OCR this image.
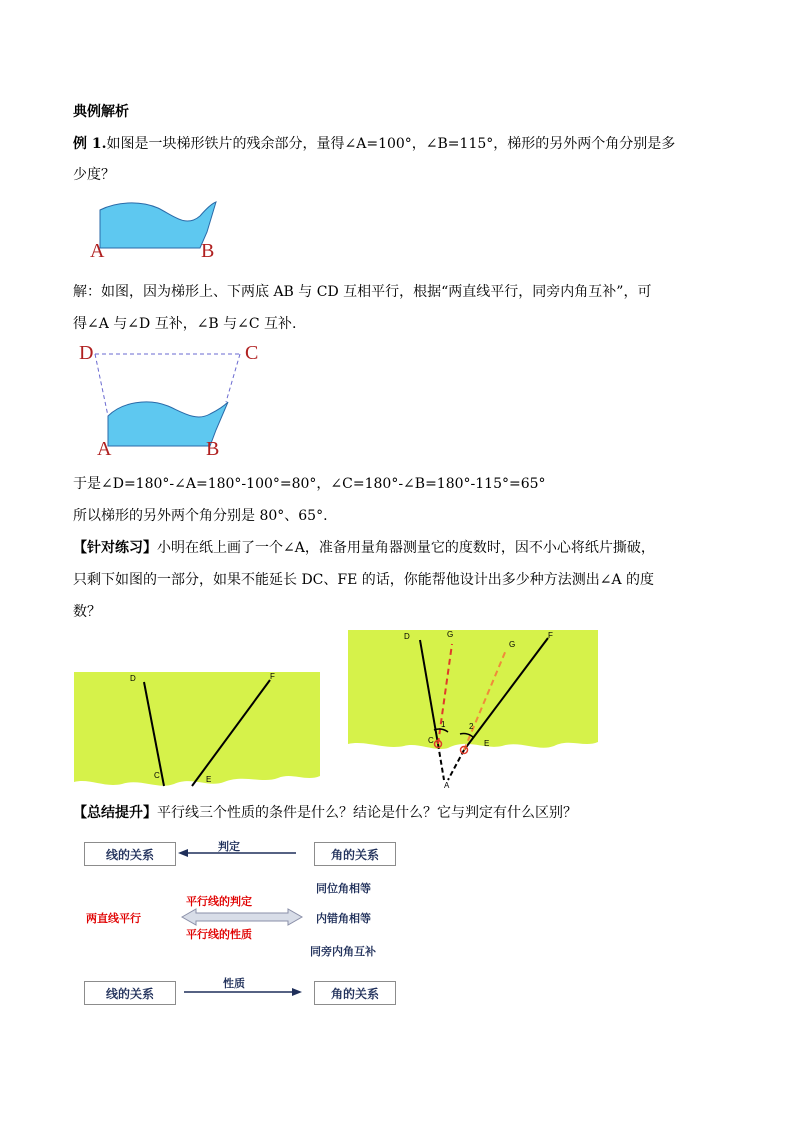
典例解析
例 1.如图是一块梯形铁片的残余部分，量得∠A=100°，∠B=115°，梯形的另外两个角分别是多
少度？
A	B
解：如图，因为梯形上、下两底 AB 与 CD 互相平行，根据“两直线平行，同旁内角互补”，可
得∠A 与∠D 互补，∠B 与∠C 互补.
D	C
A	B
于是∠D=180°-∠A=180°-100°=80°，∠C=180°-∠B=180°-115°=65°
所以梯形的另外两个角分别是 80°、65°.
【针对练习】小明在纸上画了一个∠A，准备用量角器测量它的度数时，因不小心将纸片撕破，
只剩下如图的一部分，如果不能延长 DC、FE 的话，你能帮他设计出多少种方法测出∠A 的度
数？
D
C	E
F
D	G
G
F
1	2
C	E
A
【总结提升】平行线三个性质的条件是什么？结论是什么？它与判定有什么区别？
线的关系	角的关系
判定
两直线平行
平行线的判定
平行线的性质
同位角相等
内错角相等
同旁内角互补
线的关系	角的关系
性质
